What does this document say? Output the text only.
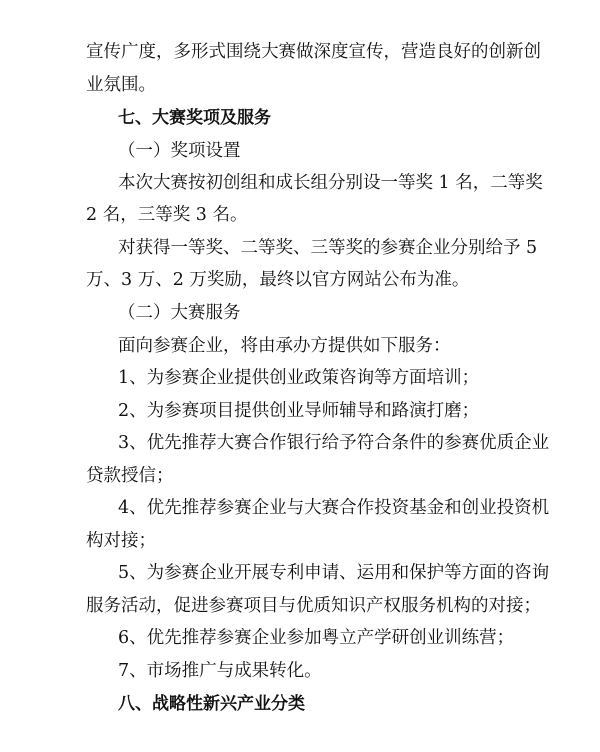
宣传广度，多形式围绕大赛做深度宣传，营造良好的创新创
业氛围。
七、大赛奖项及服务
（一）奖项设置
本次大赛按初创组和成长组分别设一等奖 1 名，二等奖
2 名，三等奖 3 名。
对获得一等奖、二等奖、三等奖的参赛企业分别给予 5
万、3 万、2 万奖励，最终以官方网站公布为准。
（二）大赛服务
面向参赛企业，将由承办方提供如下服务：
1、为参赛企业提供创业政策咨询等方面培训；
2、为参赛项目提供创业导师辅导和路演打磨；
3、优先推荐大赛合作银行给予符合条件的参赛优质企业
贷款授信；
4、优先推荐参赛企业与大赛合作投资基金和创业投资机
构对接；
5、为参赛企业开展专利申请、运用和保护等方面的咨询
服务活动，促进参赛项目与优质知识产权服务机构的对接；
6、优先推荐参赛企业参加粤立产学研创业训练营；
7、市场推广与成果转化。
八、战略性新兴产业分类
